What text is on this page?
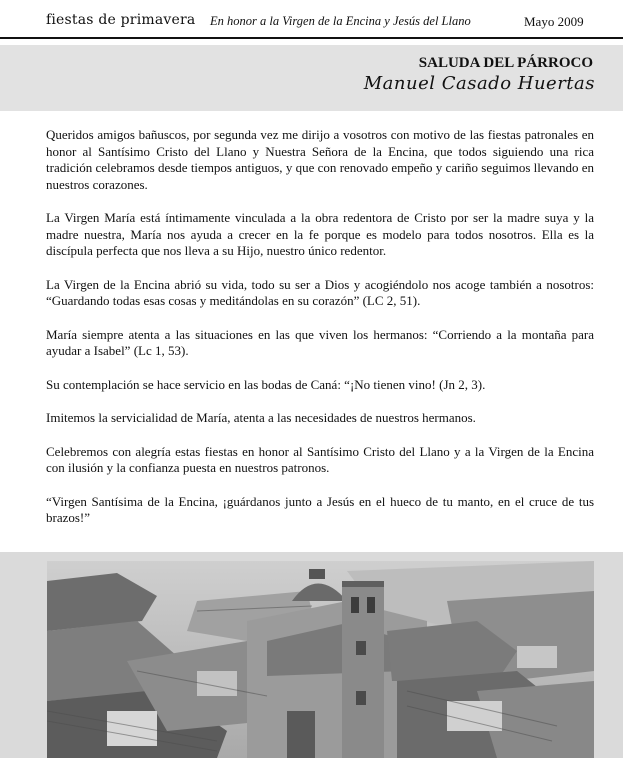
fiestas de primavera En honor a la Virgen de la Encina y Jesús del Llano	Mayo 2009
SALUDA DEL PÁRROCO
Manuel Casado Huertas

Queridos amigos bañuscos, por segunda vez me dirijo a vosotros con motivo de las fiestas patronales en honor al Santísimo Cristo del Llano y Nuestra Señora de la Encina, que todos siguiendo una rica tradición celebramos desde tiempos antiguos, y que con renovado empeño y cariño seguimos llevando en nuestros corazones.

La Virgen María está íntimamente vinculada a la obra redentora de Cristo por ser la madre suya y la madre nuestra, María nos ayuda a crecer en la fe porque es modelo para todos nosotros. Ella es la discípula perfecta que nos lleva a su Hijo, nuestro único redentor.

La Virgen de la Encina abrió su vida, todo su ser a Dios y acogiéndolo nos acoge también a nosotros: “Guardando todas esas cosas y meditándolas en su corazón” (LC 2, 51).

María siempre atenta a las situaciones en las que viven los hermanos: “Corriendo a la montaña para ayudar a Isabel” (Lc 1, 53).

Su contemplación se hace servicio en las bodas de Caná: “¡No tienen vino! (Jn 2, 3).

Imitemos la servicialidad de María, atenta a las necesidades de nuestros hermanos.

Celebremos con alegría estas fiestas en honor al Santísimo Cristo del Llano y a la Virgen de la Encina con ilusión y la confianza puesta en nuestros patronos.

“Virgen Santísima de la Encina, ¡guárdanos junto a Jesús en el hueco de tu manto, en el cruce de tus brazos!”
